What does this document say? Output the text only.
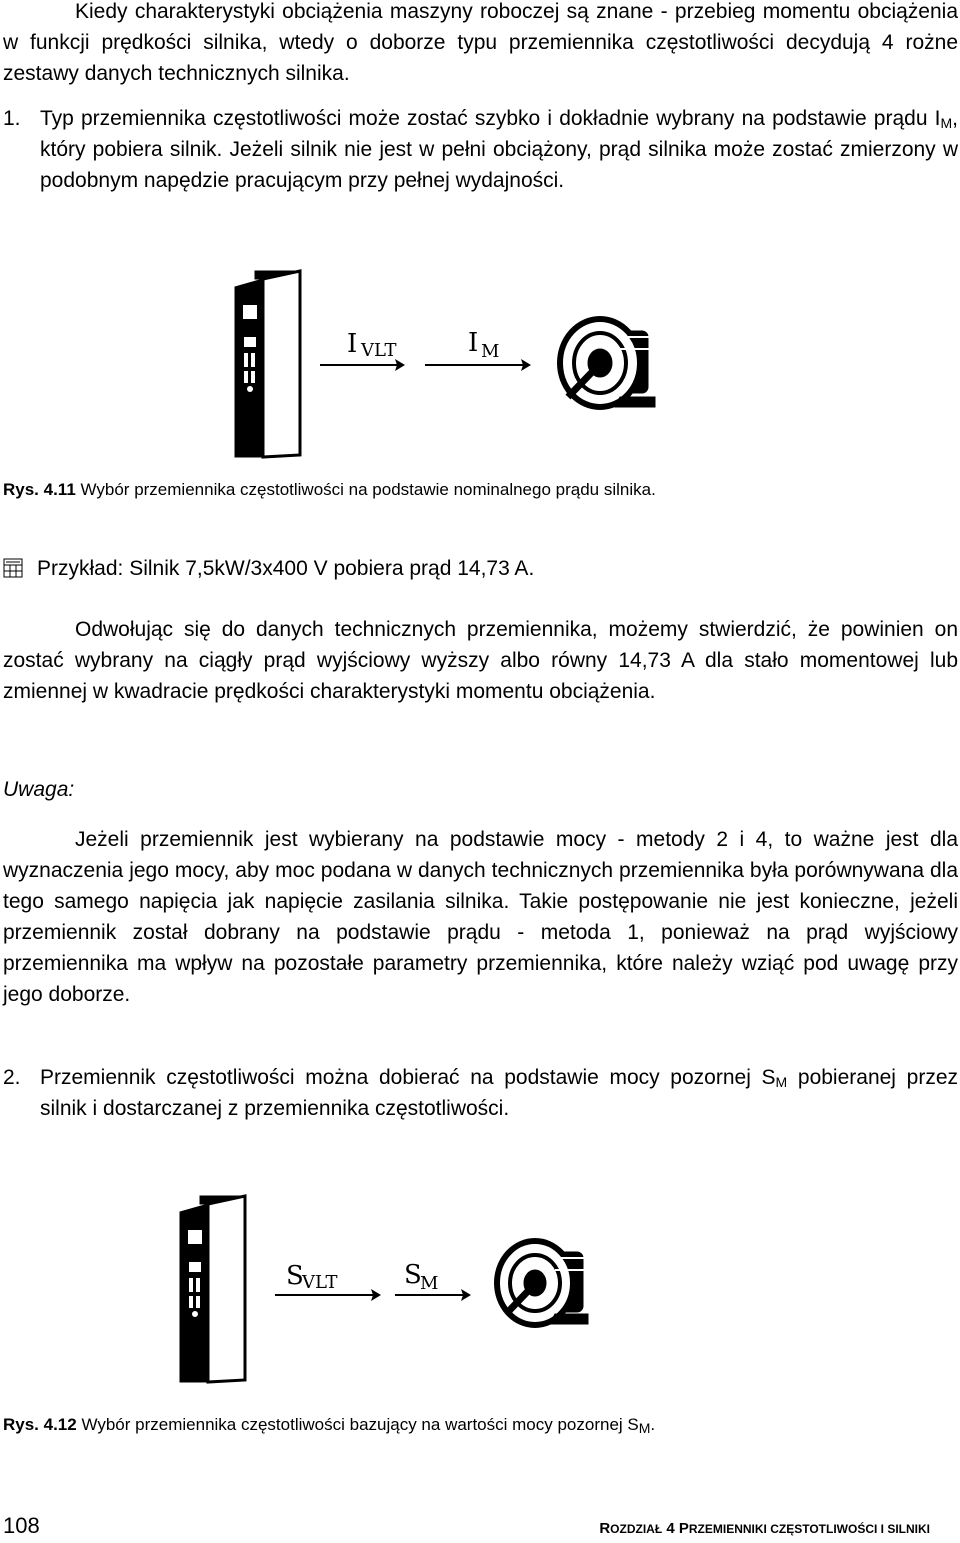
Kiedy charakterystyki obciążenia maszyny roboczej są znane - przebieg momentu obciążenia w funkcji prędkości silnika, wtedy o doborze typu przemiennika częstotliwości decydują 4 rożne zestawy danych technicznych silnika.

1. Typ przemiennika częstotliwości może zostać szybko i dokładnie wybrany na podstawie prądu $I_M$, który pobiera silnik. Jeżeli silnik nie jest w pełni obciążony, prąd silnika może zostać zmierzony w podobnym napędzie pracującym przy pełnej wydajności.
I VLT	I M
Rys. 4.11 Wybór przemiennika częstotliwości na podstawie nominalnego prądu silnika.
Przykład: Silnik 7,5kW/3x400 V pobiera prąd 14,73 A.

Odwołując się do danych technicznych przemiennika, możemy stwierdzić, że powinien on zostać wybrany na ciągły prąd wyjściowy wyższy albo równy 14,73 A dla stało momentowej lub zmiennej w kwadracie prędkości charakterystyki momentu obciążenia.

Uwaga:

Jeżeli przemiennik jest wybierany na podstawie mocy - metody 2 i 4, to ważne jest dla wyznaczenia jego mocy, aby moc podana w danych technicznych przemiennika była porównywana dla tego samego napięcia jak napięcie zasilania silnika. Takie postępowanie nie jest konieczne, jeżeli przemiennik został dobrany na podstawie prądu - metoda 1, ponieważ na prąd wyjściowy przemiennika ma wpływ na pozostałe parametry przemiennika, które należy wziąć pod uwagę przy jego doborze.

2. Przemiennik częstotliwości można dobierać na podstawie mocy pozornej $S_M$ pobieranej przez silnik i dostarczanej z przemiennika częstotliwości.
S
VLT	S
M
Rys. 4.12 Wybór przemiennika częstotliwości bazujący na wartości mocy pozornej $S_M$.
108	ROZDZIAŁ 4 PRZEMIENNIKI CZĘSTOTLIWOŚCI I SILNIKI
